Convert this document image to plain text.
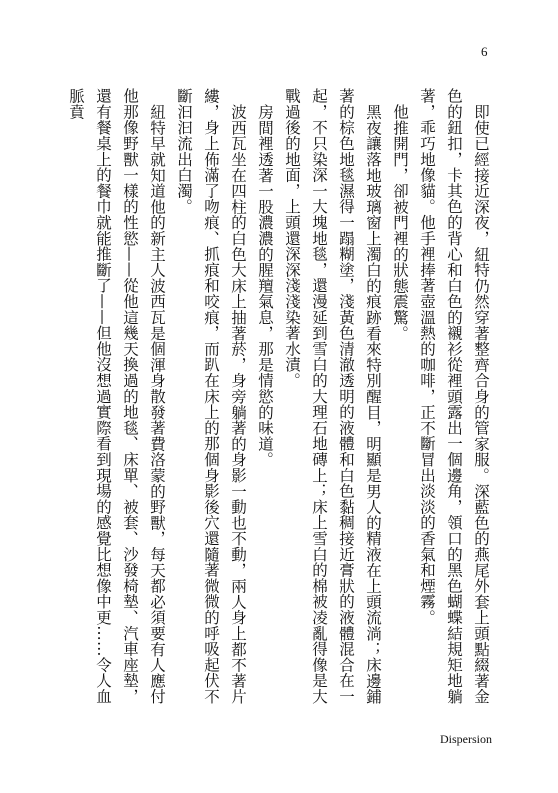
6

即使已經接近深夜，紐特仍然穿著整齊合身的管家服。深藍色的燕尾外套上頭點綴著金色的鈕扣，卡其色的背心和白色的襯衫從裡頭露出一個邊角，領口的黑色蝴蝶結規矩地躺著，乖巧地像貓。他手裡捧著壺溫熱的咖啡，正不斷冒出淡淡的香氣和煙霧。

他推開門，卻被門裡的狀態震驚。

黑夜讓落地玻璃窗上濁白的痕跡看來特別醒目，明顯是男人的精液在上頭流淌；床邊鋪著的棕色地毯濕得一蹋糊塗，淺黃色清澈透明的液體和白色黏稠接近膏狀的液體混合在一起，不只染深一大塊地毯，還漫延到雪白的大理石地磚上；床上雪白的棉被凌亂得像是大戰過後的地面，上頭還深深淺淺染著水漬。

房間裡透著一股濃濃的腥羶氣息，那是情慾的味道。

波西瓦坐在四柱的白色大床上抽著菸，身旁躺著的身影一動也不動，兩人身上都不著片縷，身上佈滿了吻痕、抓痕和咬痕，而趴在床上的那個身影後穴還隨著微微的呼吸起伏不斷汩汩流出白濁。

紐特早就知道他的新主人波西瓦是個渾身散發著費洛蒙的野獸，每天都必須要有人應付他那像野獸一樣的性慾——從他這幾天換過的地毯、床單、被套、沙發椅墊、汽車座墊，還有餐桌上的餐巾就能推斷了——但他沒想過實際看到現場的感覺比想像中更……令人血脈賁

Dispersion
